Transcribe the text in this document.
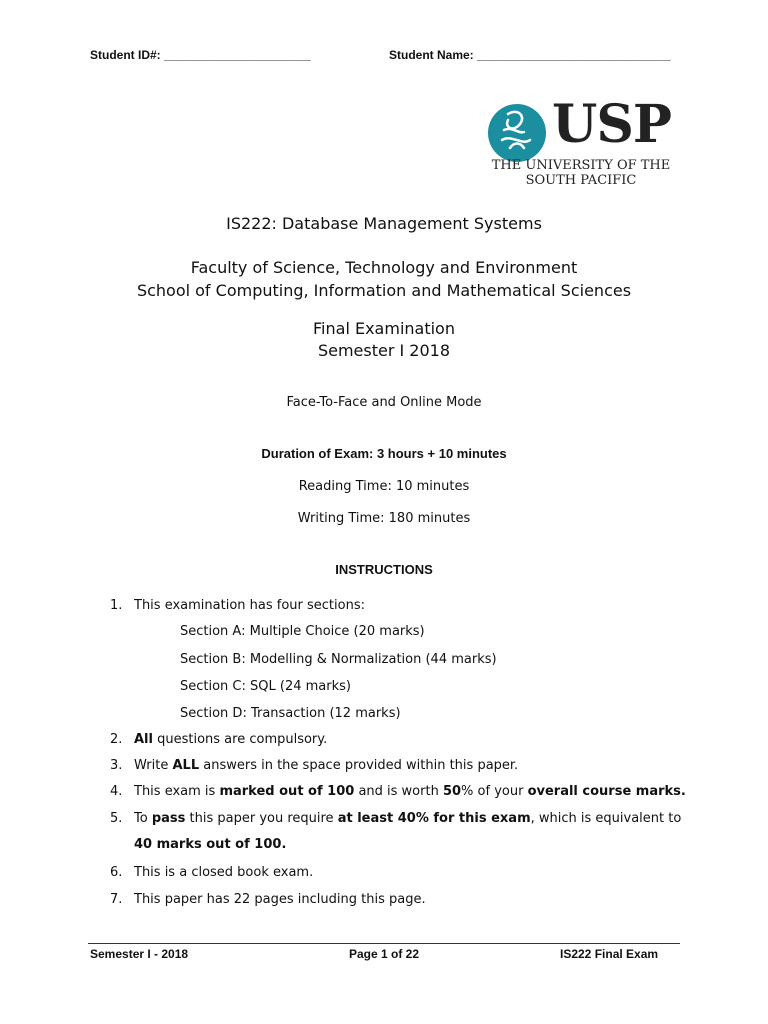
Student ID#: ______________________	Student Name: _____________________________
USP
THE UNIVERSITY OF THE
SOUTH PACIFIC
IS222: Database Management Systems
Faculty of Science, Technology and Environment
School of Computing, Information and Mathematical Sciences
Final Examination
Semester I 2018
Face-To-Face and Online Mode
Duration of Exam: 3 hours + 10 minutes
Reading Time: 10 minutes
Writing Time: 180 minutes
INSTRUCTIONS
1. This examination has four sections:
Section A: Multiple Choice (20 marks)
Section B: Modelling & Normalization (44 marks)
Section C: SQL (24 marks)
Section D: Transaction (12 marks)
2. All questions are compulsory.
3. Write ALL answers in the space provided within this paper.
4. This exam is marked out of 100 and is worth 50% of your overall course marks.
5. To pass this paper you require at least 40% for this exam, which is equivalent to
40 marks out of 100.
6. This is a closed book exam.
7. This paper has 22 pages including this page.
Semester I - 2018	Page 1 of 22	IS222 Final Exam
